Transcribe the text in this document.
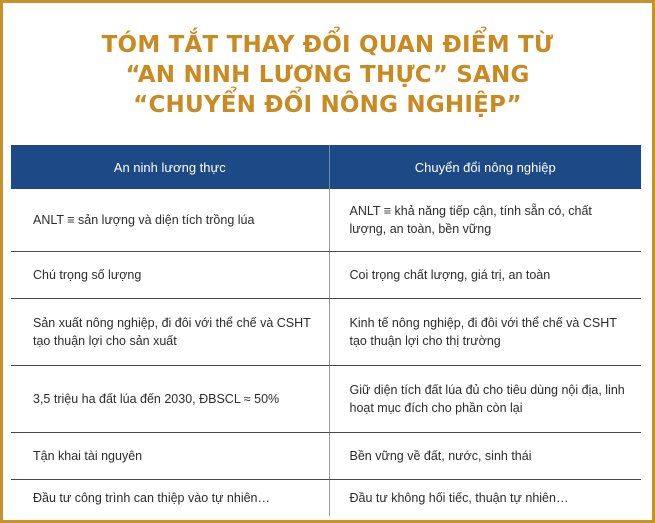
TÓM TẮT THAY ĐỔI QUAN ĐIỂM TỪ
“AN NINH LƯƠNG THỰC” SANG
“CHUYỂN ĐỔI NÔNG NGHIỆP”
An ninh lương thực	Chuyển đổi nông nghiệp
ANLT ≡ sản lượng và diện tích trồng lúa	ANLT ≡ khả năng tiếp cận, tính sẵn có, chất lượng, an toàn, bền vững
Chú trọng số lượng	Coi trọng chất lượng, giá trị, an toàn
Sản xuất nông nghiệp, đi đôi với thể chế và CSHT tạo thuận lợi cho sản xuất	Kinh tế nông nghiệp, đi đôi với thể chế và CSHT tạo thuận lợi cho thị trường
3,5 triệu ha đất lúa đến 2030, ĐBSCL ≈ 50%	Giữ diện tích đất lúa đủ cho tiêu dùng nội địa, linh hoạt mục đích cho phần còn lại
Tận khai tài nguyên	Bền vững về đất, nước, sinh thái
Đầu tư công trình can thiệp vào tự nhiên…	Đầu tư không hối tiếc, thuận tự nhiên…
